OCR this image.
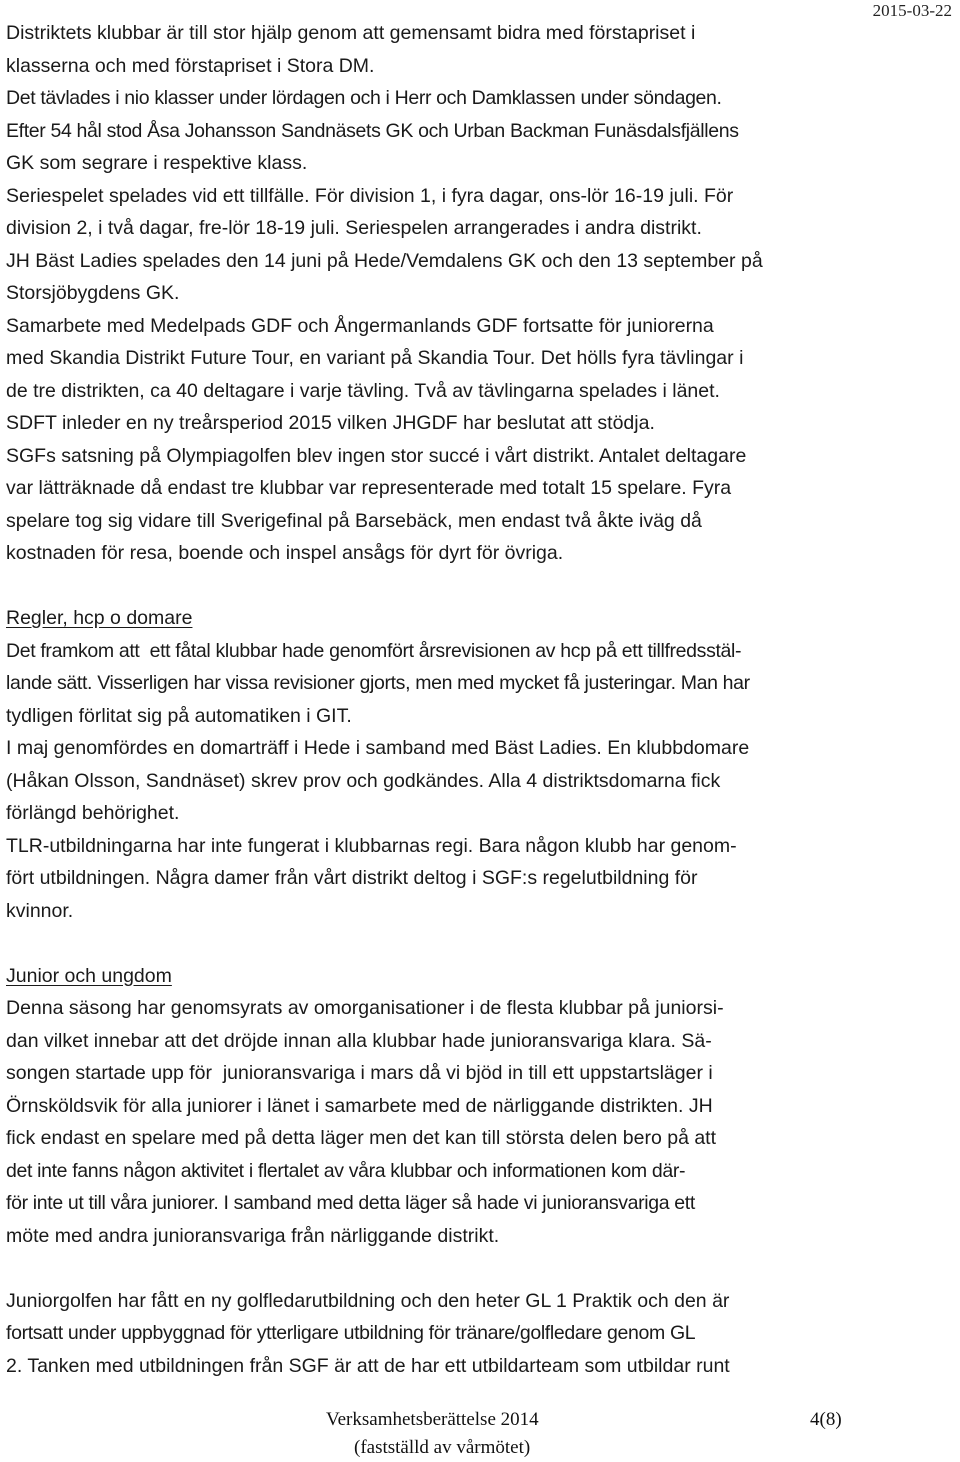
2015-03-22
Distriktets klubbar är till stor hjälp genom att gemensamt bidra med förstapriset i
klasserna och med förstapriset i Stora DM.
Det tävlades i nio klasser under lördagen och i Herr och Damklassen under söndagen.
Efter 54 hål stod Åsa Johansson Sandnäsets GK och Urban Backman Funäsdalsfjällens
GK som segrare i respektive klass.
Seriespelet spelades vid ett tillfälle. För division 1, i fyra dagar, ons-lör 16-19 juli. För
division 2, i två dagar, fre-lör 18-19 juli. Seriespelen arrangerades i andra distrikt.
JH Bäst Ladies spelades den 14 juni på Hede/Vemdalens GK och den 13 september på
Storsjöbygdens GK.
Samarbete med Medelpads GDF och Ångermanlands GDF fortsatte för juniorerna
med Skandia Distrikt Future Tour, en variant på Skandia Tour. Det hölls fyra tävlingar i
de tre distrikten, ca 40 deltagare i varje tävling. Två av tävlingarna spelades i länet.
SDFT inleder en ny treårsperiod 2015 vilken JHGDF har beslutat att stödja.
SGFs satsning på Olympiagolfen blev ingen stor succé i vårt distrikt. Antalet deltagare
var lätträknade då endast tre klubbar var representerade med totalt 15 spelare. Fyra
spelare tog sig vidare till Sverigefinal på Barsebäck, men endast två åkte iväg då
kostnaden för resa, boende och inspel ansågs för dyrt för övriga.
Regler, hcp o domare
Det framkom att  ett fåtal klubbar hade genomfört årsrevisionen av hcp på ett tillfredsstäl-
lande sätt. Visserligen har vissa revisioner gjorts, men med mycket få justeringar. Man har
tydligen förlitat sig på automatiken i GIT.
I maj genomfördes en domarträff i Hede i samband med Bäst Ladies. En klubbdomare
(Håkan Olsson, Sandnäset) skrev prov och godkändes. Alla 4 distriktsdomarna fick
förlängd behörighet.
TLR-utbildningarna har inte fungerat i klubbarnas regi. Bara någon klubb har genom-
fört utbildningen. Några damer från vårt distrikt deltog i SGF:s regelutbildning för
kvinnor.
Junior och ungdom
Denna säsong har genomsyrats av omorganisationer i de flesta klubbar på juniorsi-
dan vilket innebar att det dröjde innan alla klubbar hade junioransvariga klara. Sä-
songen startade upp för  junioransvariga i mars då vi bjöd in till ett uppstartsläger i
Örnsköldsvik för alla juniorer i länet i samarbete med de närliggande distrikten. JH
fick endast en spelare med på detta läger men det kan till största delen bero på att
det inte fanns någon aktivitet i flertalet av våra klubbar och informationen kom där-
för inte ut till våra juniorer. I samband med detta läger så hade vi junioransvariga ett
möte med andra junioransvariga från närliggande distrikt.
Juniorgolfen har fått en ny golfledarutbildning och den heter GL 1 Praktik och den är
fortsatt under uppbyggnad för ytterligare utbildning för tränare/golfledare genom GL
2. Tanken med utbildningen från SGF är att de har ett utbildarteam som utbildar runt
Verksamhetsberättelse 2014	4(8)
(fastställd av vårmötet)
